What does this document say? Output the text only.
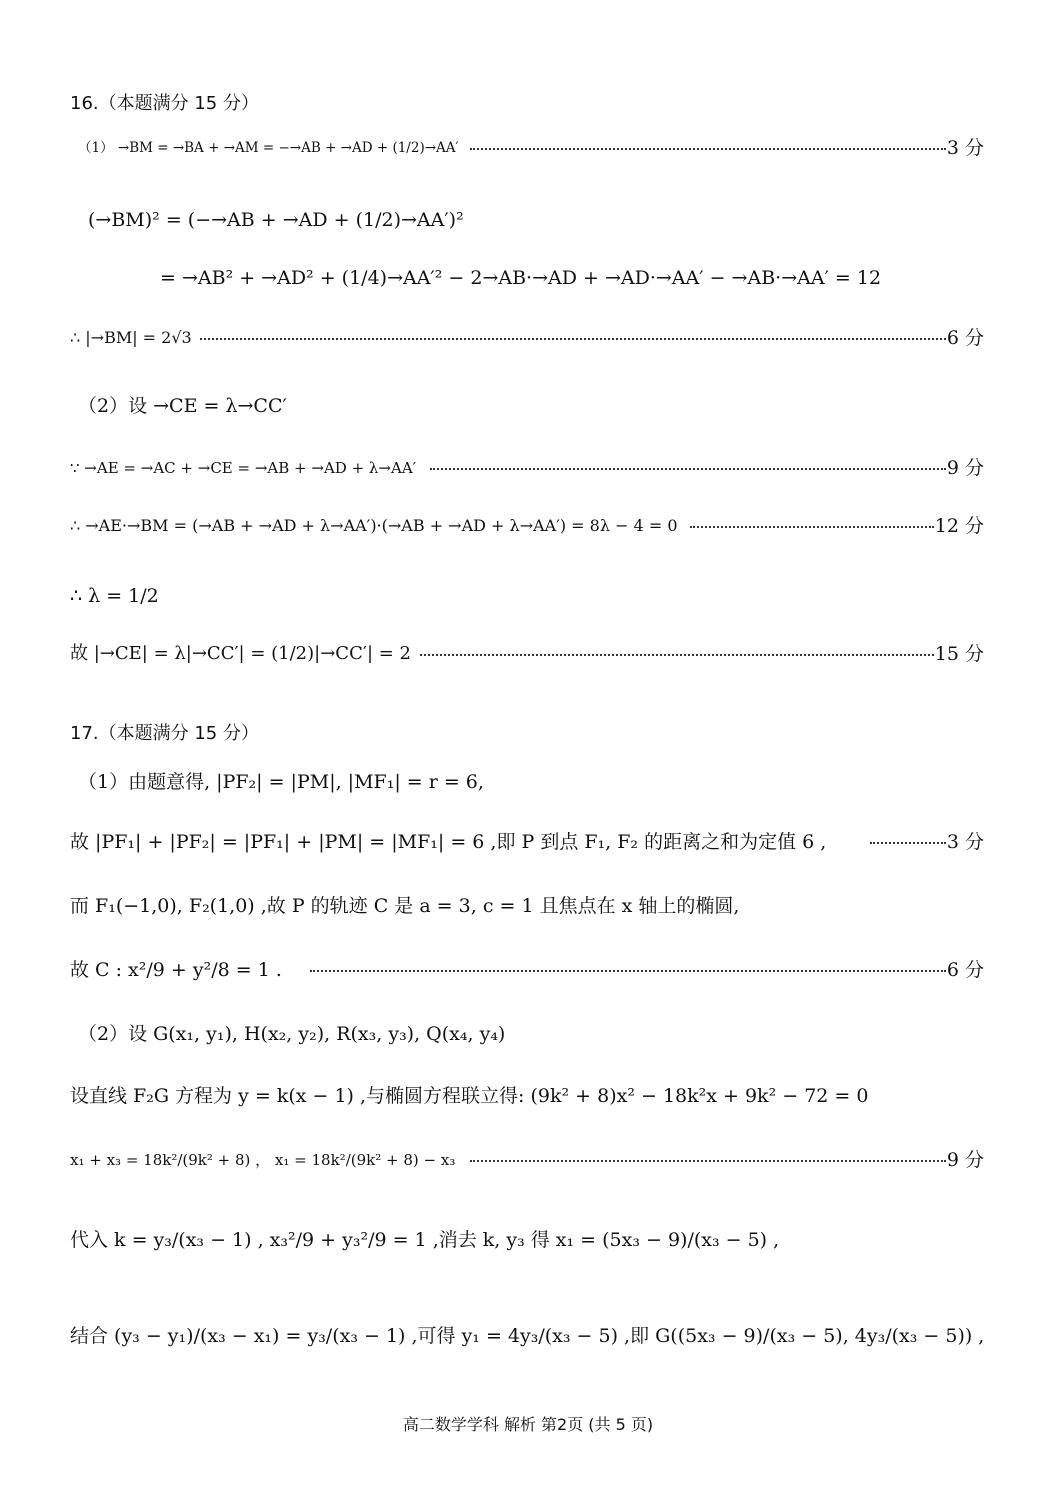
16.（本题满分 15 分）
（1） →BM = →BA + →AM = −→AB + →AD + (1/2)→AA′	3 分
(→BM)² = (−→AB + →AD + (1/2)→AA′)²
= →AB² + →AD² + (1/4)→AA′² − 2→AB·→AD + →AD·→AA′ − →AB·→AA′ = 12
∴ |→BM| = 2√3	6 分
（2）设 →CE = λ→CC′
∵ →AE = →AC + →CE = →AB + →AD + λ→AA′	9 分
∴ →AE·→BM = (→AB + →AD + λ→AA′)·(→AB + →AD + λ→AA′) = 8λ − 4 = 0	12 分
∴ λ = 1/2
故 |→CE| = λ|→CC′| = (1/2)|→CC′| = 2	15 分
17.（本题满分 15 分）
（1）由题意得, |PF₂| = |PM|, |MF₁| = r = 6,
故 |PF₁| + |PF₂| = |PF₁| + |PM| = |MF₁| = 6 ,即 P 到点 F₁, F₂ 的距离之和为定值 6 ,	3 分
而 F₁(−1,0), F₂(1,0) ,故 P 的轨迹 C 是 a = 3, c = 1 且焦点在 x 轴上的椭圆,
故 C : x²/9 + y²/8 = 1 .	6 分
（2）设 G(x₁, y₁), H(x₂, y₂), R(x₃, y₃), Q(x₄, y₄)
设直线 F₂G 方程为 y = k(x − 1) ,与椭圆方程联立得: (9k² + 8)x² − 18k²x + 9k² − 72 = 0
x₁ + x₃ = 18k²/(9k² + 8) ， x₁ = 18k²/(9k² + 8) − x₃	9 分
代入 k = y₃/(x₃ − 1) , x₃²/9 + y₃²/9 = 1 ,消去 k, y₃ 得 x₁ = (5x₃ − 9)/(x₃ − 5) ,
结合 (y₃ − y₁)/(x₃ − x₁) = y₃/(x₃ − 1) ,可得 y₁ = 4y₃/(x₃ − 5) ,即 G((5x₃ − 9)/(x₃ − 5), 4y₃/(x₃ − 5)) ,
高二数学学科 解析 第2页 (共 5 页)
